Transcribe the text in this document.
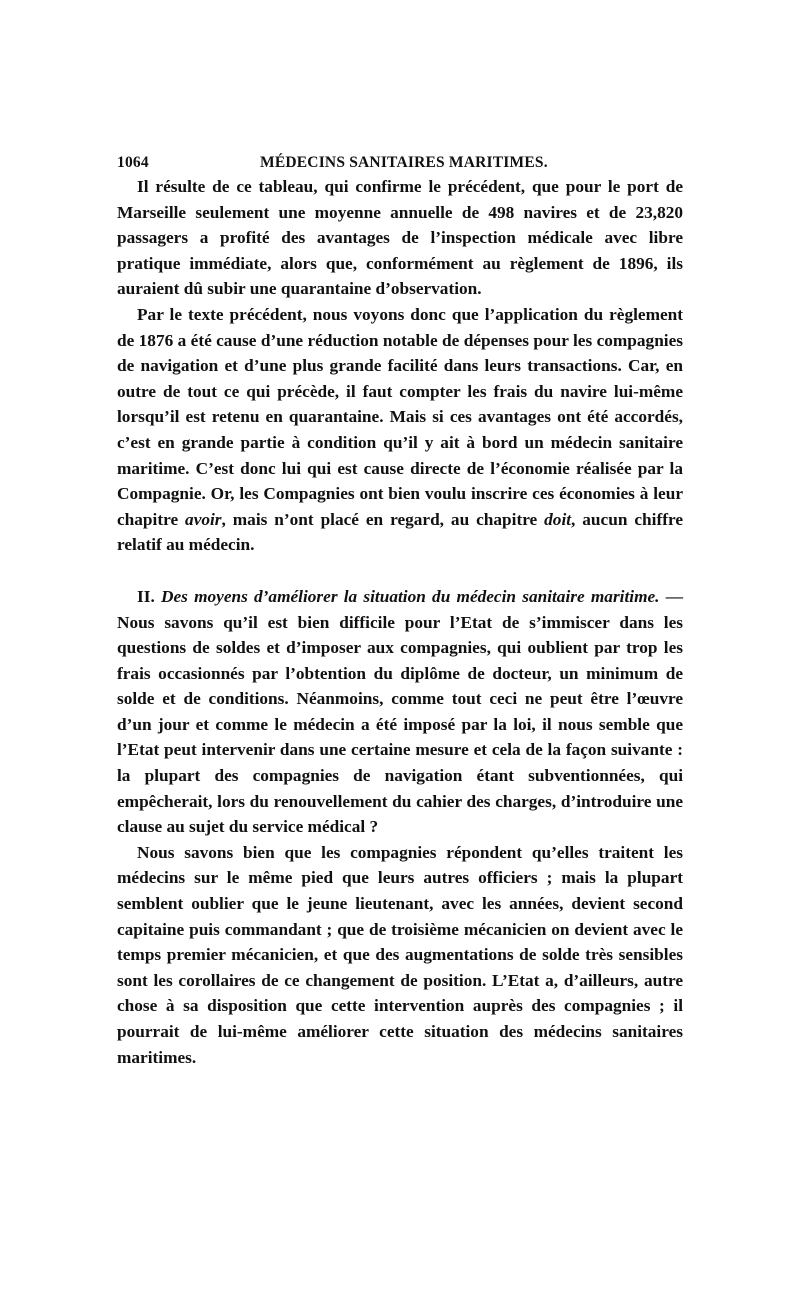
1064	MÉDECINS SANITAIRES MARITIMES.

Il résulte de ce tableau, qui confirme le précédent, que pour le port de Marseille seulement une moyenne annuelle de 498 navires et de 23,820 passagers a profité des avantages de l’inspection médicale avec libre pratique immédiate, alors que, conformément au règlement de 1896, ils auraient dû subir une quarantaine d’observation.

Par le texte précédent, nous voyons donc que l’application du règlement de 1876 a été cause d’une réduction notable de dépenses pour les compagnies de navigation et d’une plus grande facilité dans leurs transactions. Car, en outre de tout ce qui précède, il faut compter les frais du navire lui-même lorsqu’il est retenu en quarantaine. Mais si ces avantages ont été accordés, c’est en grande partie à condition qu’il y ait à bord un médecin sanitaire maritime. C’est donc lui qui est cause directe de l’économie réalisée par la Compagnie. Or, les Compagnies ont bien voulu inscrire ces économies à leur chapitre avoir, mais n’ont placé en regard, au chapitre doit, aucun chiffre relatif au médecin.

II. Des moyens d’améliorer la situation du médecin sanitaire maritime. — Nous savons qu’il est bien difficile pour l’Etat de s’immiscer dans les questions de soldes et d’imposer aux compagnies, qui oublient par trop les frais occasionnés par l’obtention du diplôme de docteur, un minimum de solde et de conditions. Néanmoins, comme tout ceci ne peut être l’œuvre d’un jour et comme le médecin a été imposé par la loi, il nous semble que l’Etat peut intervenir dans une certaine mesure et cela de la façon suivante : la plupart des compagnies de navigation étant subventionnées, qui empêcherait, lors du renouvellement du cahier des charges, d’introduire une clause au sujet du service médical ?

Nous savons bien que les compagnies répondent qu’elles traitent les médecins sur le même pied que leurs autres officiers ; mais la plupart semblent oublier que le jeune lieutenant, avec les années, devient second capitaine puis commandant ; que de troisième mécanicien on devient avec le temps premier mécanicien, et que des augmentations de solde très sensibles sont les corollaires de ce changement de position. L’Etat a, d’ailleurs, autre chose à sa disposition que cette intervention auprès des compagnies ; il pourrait de lui-même améliorer cette situation des médecins sanitaires maritimes.
